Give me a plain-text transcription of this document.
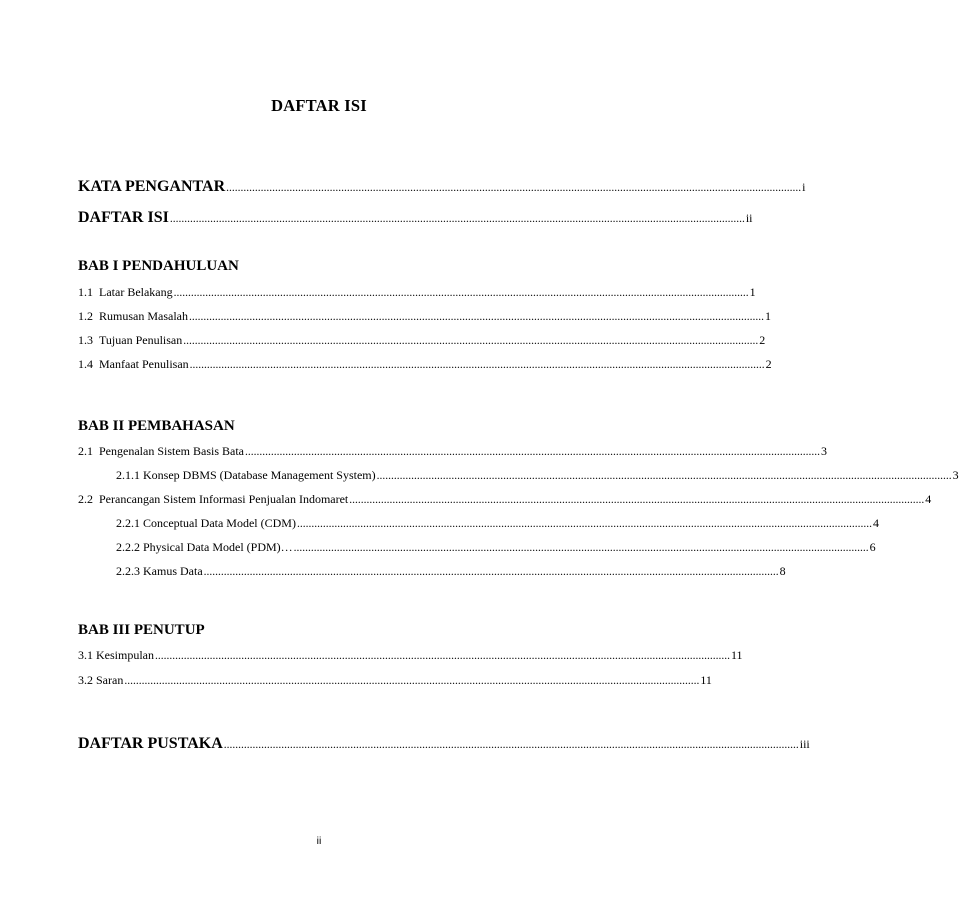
DAFTAR ISI
KATA PENGANTAR ........................................................................................................................................................................................................ i
DAFTAR ISI ........................................................................................................................................................................................................ ii
BAB I PENDAHULUAN
1.1 Latar Belakang ........................................................................................................................................................................................................ 1
1.2 Rumusan Masalah ........................................................................................................................................................................................................ 1
1.3 Tujuan Penulisan ........................................................................................................................................................................................................ 2
1.4 Manfaat Penulisan ........................................................................................................................................................................................................ 2
BAB II PEMBAHASAN
2.1 Pengenalan Sistem Basis Bata ........................................................................................................................................................................................................ 3
2.1.1 Konsep DBMS (Database Management System) ........................................................................................................................................................................................................ 3
2.2 Perancangan Sistem Informasi Penjualan Indomaret ........................................................................................................................................................................................................ 4
2.2.1 Conceptual Data Model (CDM) ........................................................................................................................................................................................................ 4
2.2.2 Physical Data Model (PDM)… ........................................................................................................................................................................................................ 6
2.2.3 Kamus Data ........................................................................................................................................................................................................ 8
BAB III PENUTUP
3.1 Kesimpulan ........................................................................................................................................................................................................ 11
3.2 Saran ........................................................................................................................................................................................................ 11
DAFTAR PUSTAKA ........................................................................................................................................................................................................ iii
ii
